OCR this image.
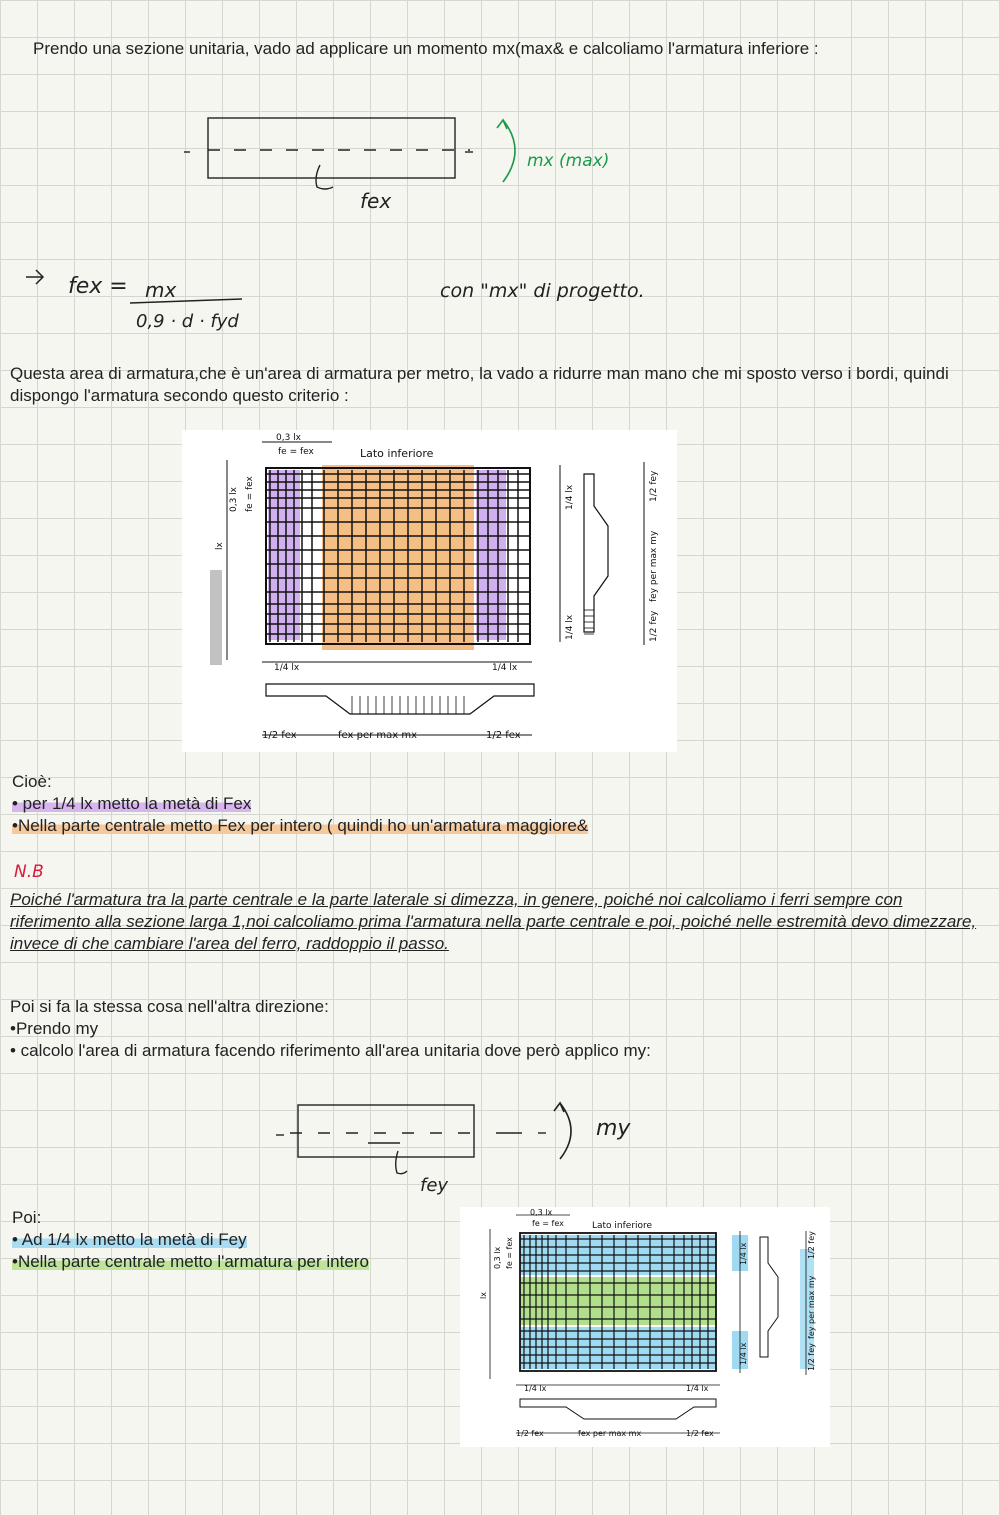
Prendo una sezione unitaria, vado ad applicare un momento mx(max& e calcoliamo l'armatura inferiore :
mx (max)
fex
fex = mx
0,9 · d · fyd
con "mx" di progetto.
Questa area di armatura,che è un'area di armatura per metro, la vado a ridurre man mano che mi sposto verso i bordi, quindi dispongo l'armatura secondo questo criterio :
0,3 lx
fe = fex	Lato inferiore
0,3 lx fe = fex
lx
1/4 lx
1/4 lx
1/2 fey
fey per max my
1/2 fey
1/4 lx	1/4 lx
1/2 fex	fex per max mx	1/2 fex
Cioè:
• per 1/4 lx metto la metà di Fex
•Nella parte centrale metto Fex per intero ( quindi ho un'armatura maggiore&
N.B
Poiché l'armatura tra la parte centrale e la parte laterale si dimezza, in genere, poiché noi calcoliamo i ferri sempre con riferimento alla sezione larga 1,noi calcoliamo prima l'armatura nella parte centrale e poi, poiché nelle estremità devo dimezzare, invece di che cambiare l'area del ferro, raddoppio il passo.
Poi si fa la stessa cosa nell'altra direzione:
•Prendo my
• calcolo l'area di armatura facendo riferimento all'area unitaria dove però applico my:
my
fey
Poi:
• Ad 1/4 lx metto la metà di Fey
•Nella parte centrale metto l'armatura per intero
0,3 lx
fe = fex	Lato inferiore
0,3 lx fe = fex
lx
1/4 lx
1/4 lx
1/2 fey
fey per max my
1/2 fey
1/4 lx	1/4 lx
1/2 fex	fex per max mx	1/2 fex
